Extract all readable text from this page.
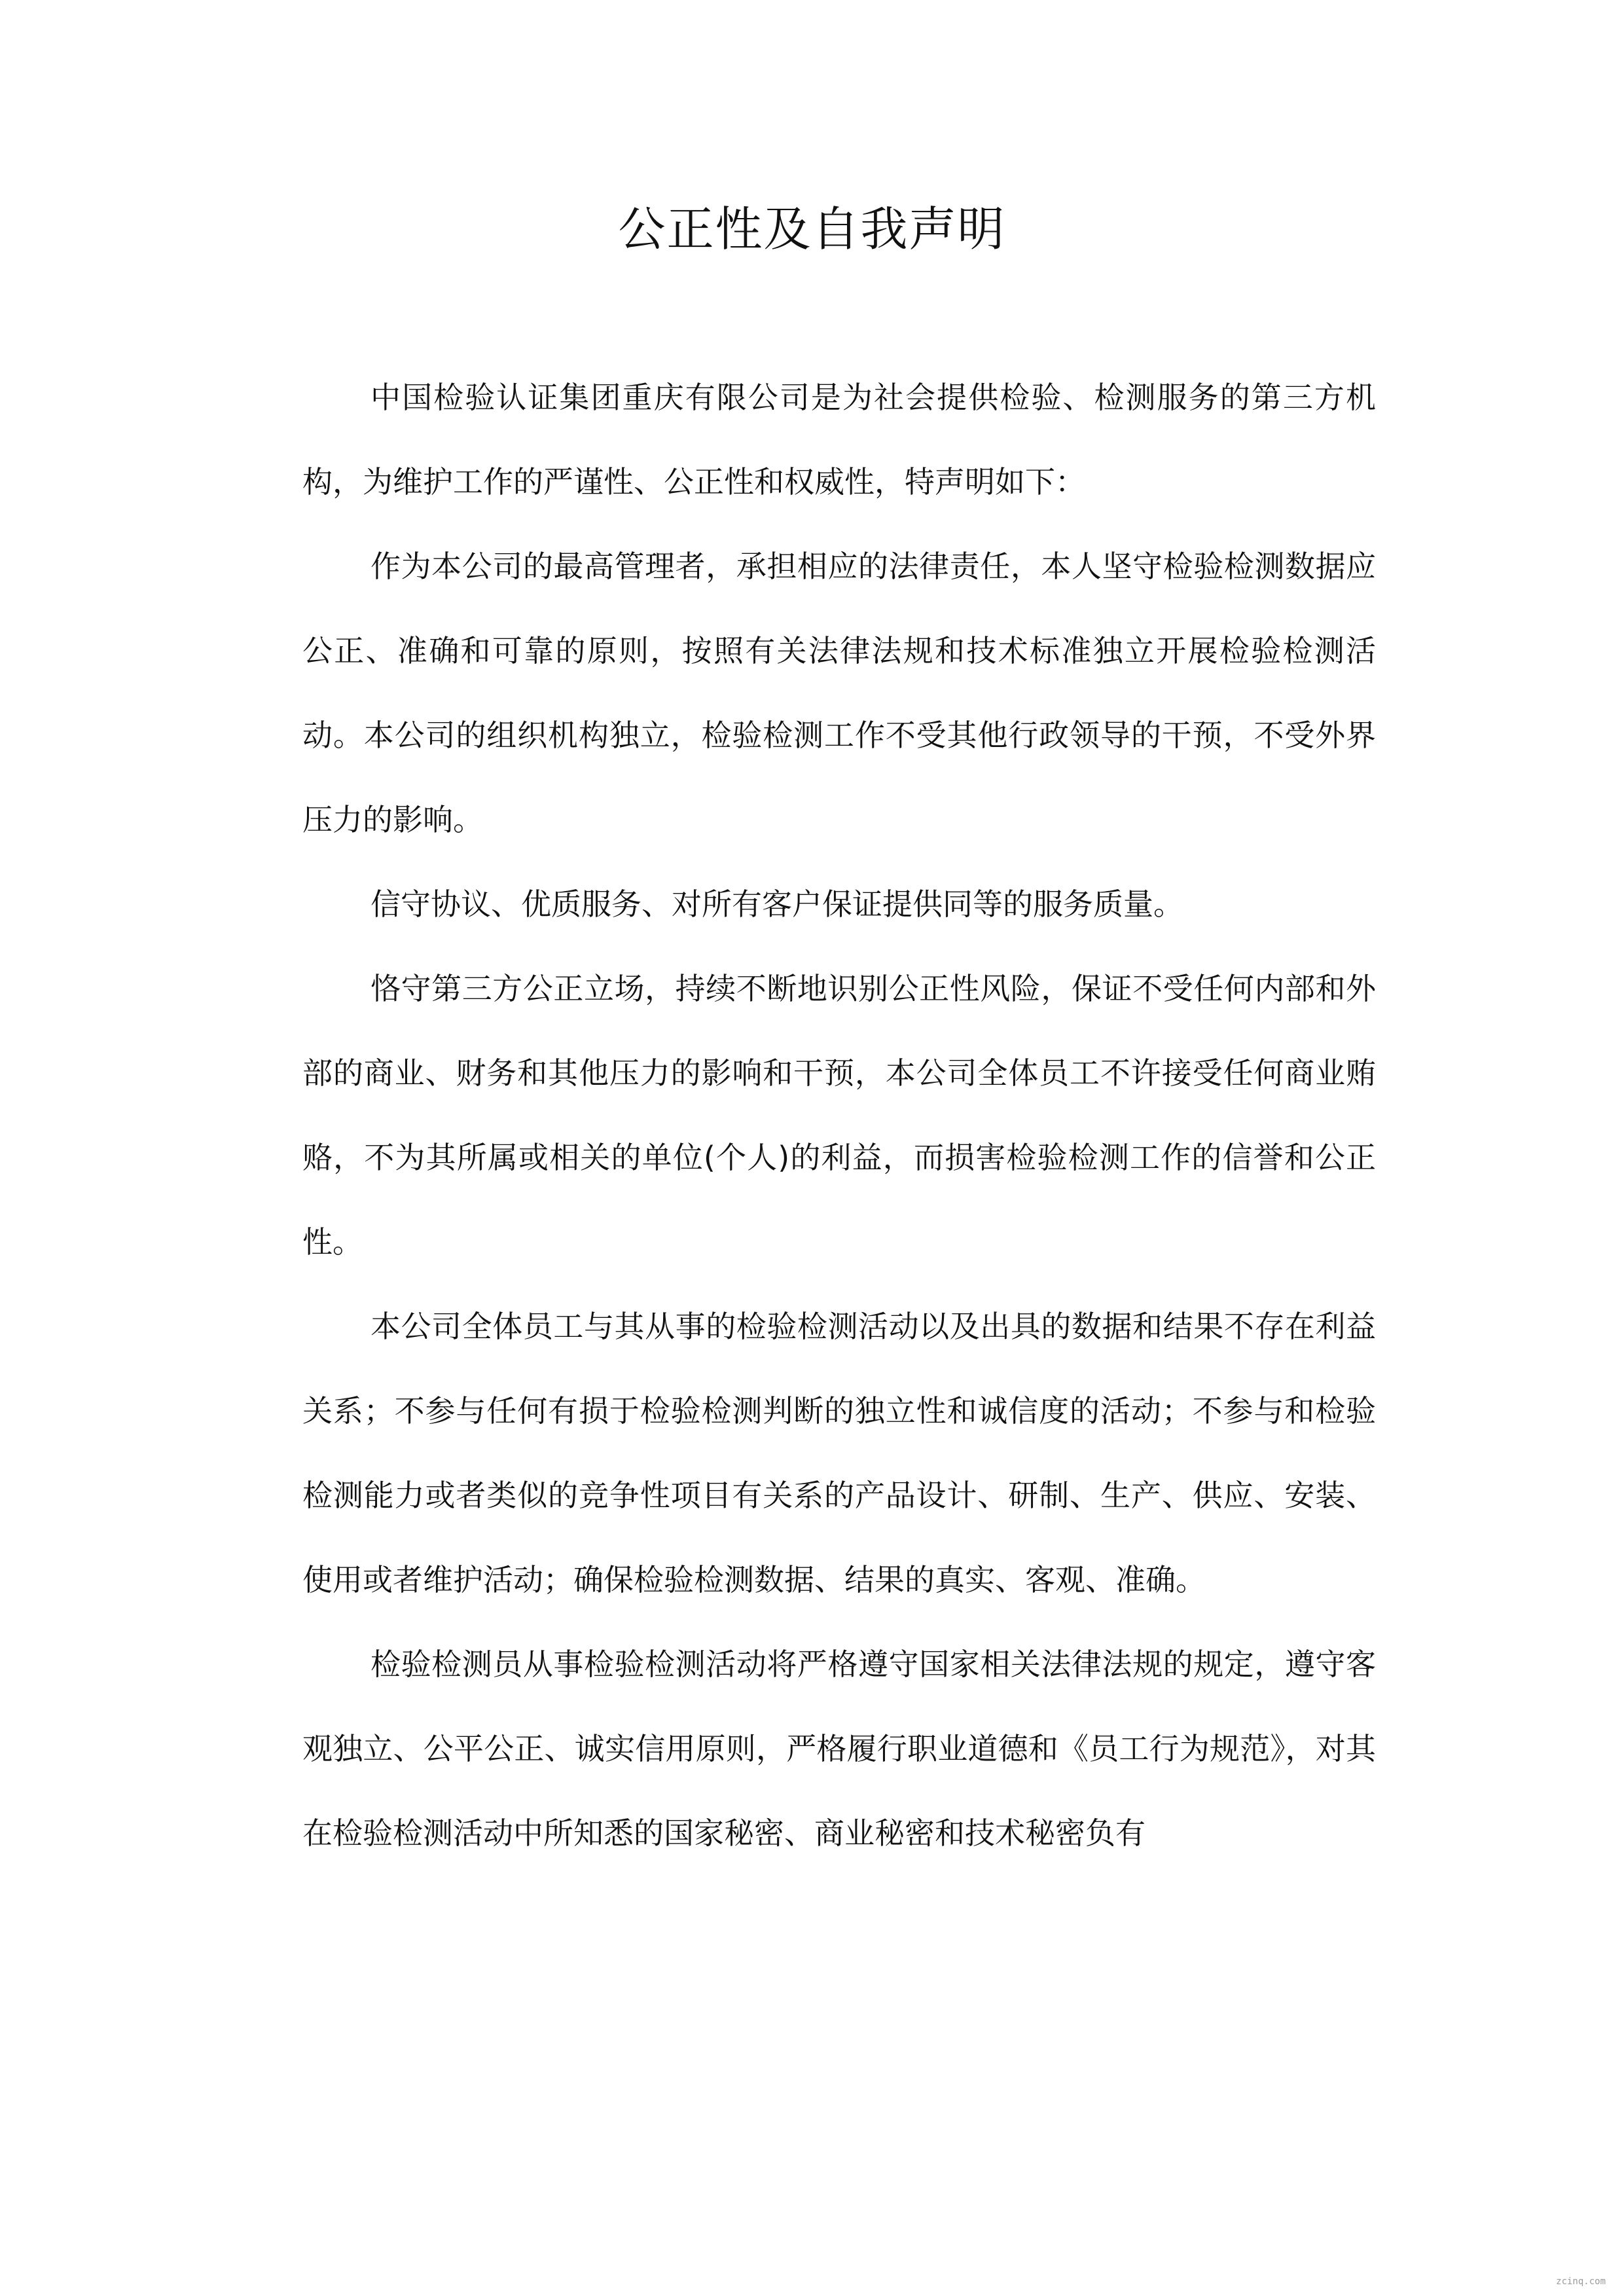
公正性及自我声明

中国检验认证集团重庆有限公司是为社会提供检验、检测服务的第三方机构，为维护工作的严谨性、公正性和权威性，特声明如下：

作为本公司的最高管理者，承担相应的法律责任，本人坚守检验检测数据应公正、准确和可靠的原则，按照有关法律法规和技术标准独立开展检验检测活动。本公司的组织机构独立，检验检测工作不受其他行政领导的干预，不受外界压力的影响。

信守协议、优质服务、对所有客户保证提供同等的服务质量。

恪守第三方公正立场，持续不断地识别公正性风险，保证不受任何内部和外部的商业、财务和其他压力的影响和干预，本公司全体员工不许接受任何商业贿赂，不为其所属或相关的单位(个人)的利益，而损害检验检测工作的信誉和公正性。

本公司全体员工与其从事的检验检测活动以及出具的数据和结果不存在利益关系；不参与任何有损于检验检测判断的独立性和诚信度的活动；不参与和检验检测能力或者类似的竞争性项目有关系的产品设计、研制、生产、供应、安装、使用或者维护活动；确保检验检测数据、结果的真实、客观、准确。

检验检测员从事检验检测活动将严格遵守国家相关法律法规的规定，遵守客观独立、公平公正、诚实信用原则，严格履行职业道德和《员工行为规范》，对其在检验检测活动中所知悉的国家秘密、商业秘密和技术秘密负有

zcinq.com
